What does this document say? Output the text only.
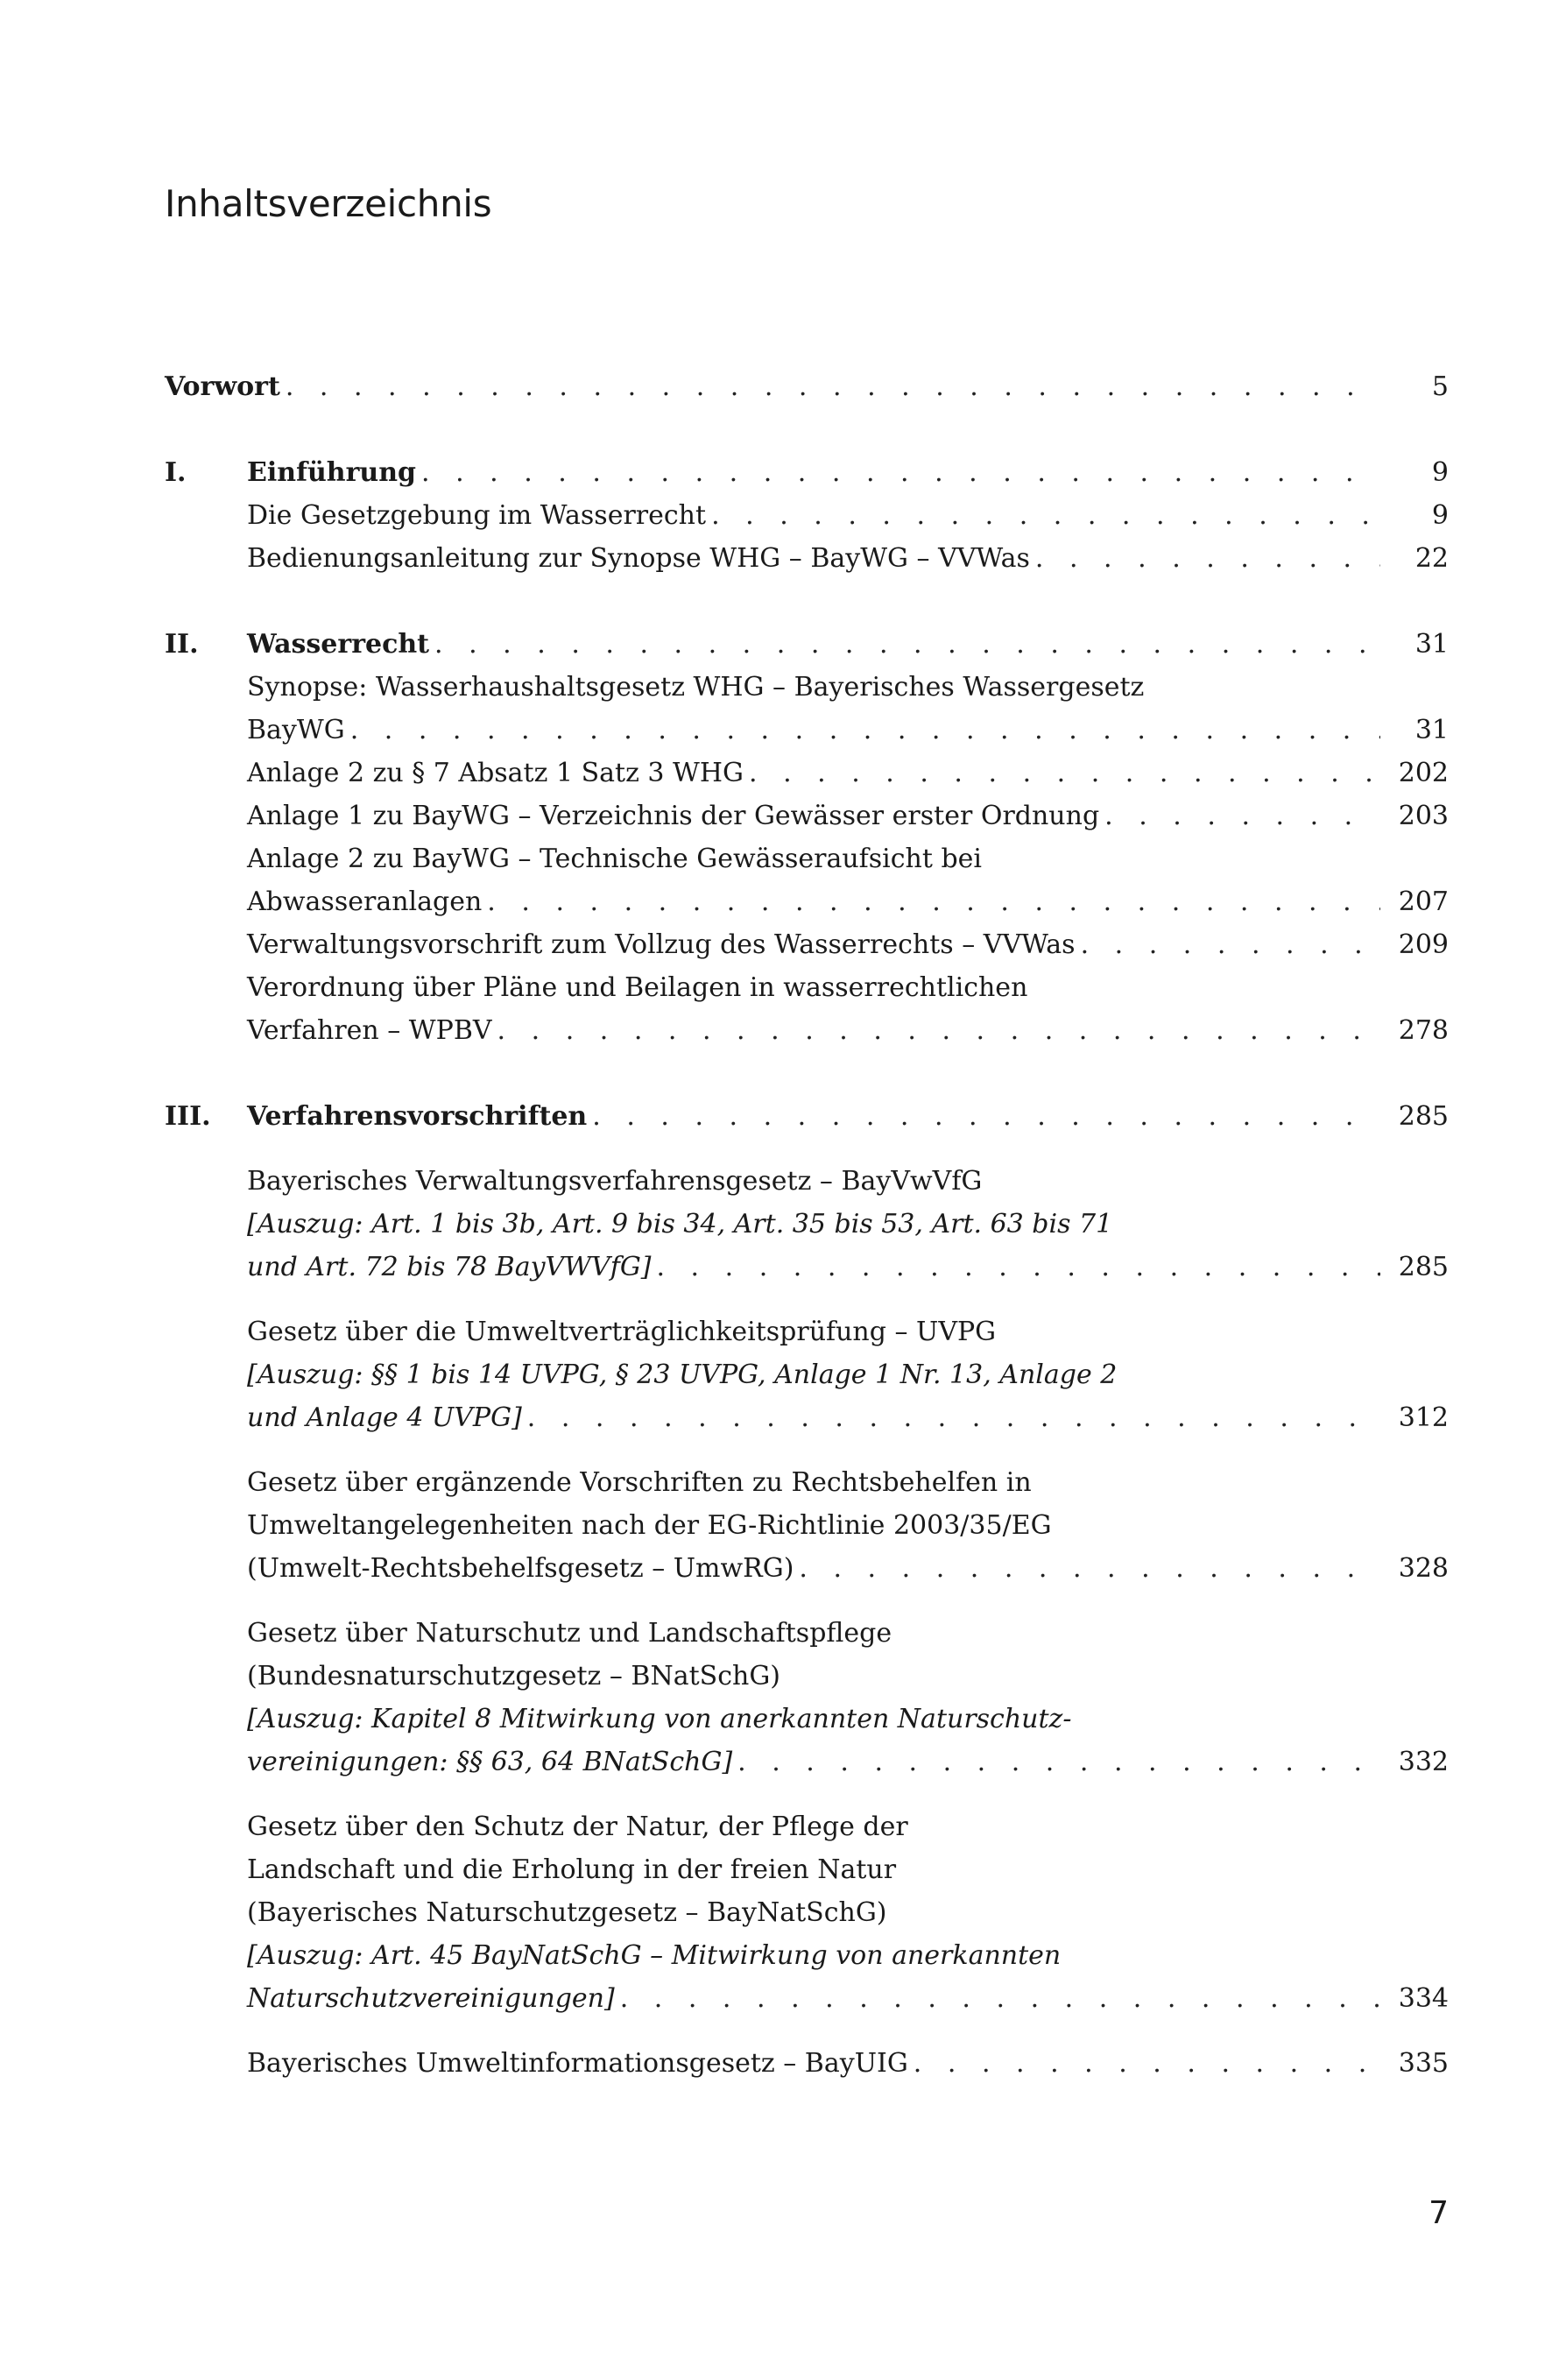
Inhaltsverzeichnis
Vorwort . . .	5
I.	Einführung . . .	9
Die Gesetzgebung im Wasserrecht . . .	9
Bedienungsanleitung zur Synopse WHG – BayWG – VVWas . . .	22
II.	Wasserrecht . . .	31
Synopse: Wasserhaushaltsgesetz WHG – Bayerisches Wassergesetz
BayWG . . .	31
Anlage 2 zu § 7 Absatz 1 Satz 3 WHG . . .	202
Anlage 1 zu BayWG – Verzeichnis der Gewässer erster Ordnung . . .	203
Anlage 2 zu BayWG – Technische Gewässeraufsicht bei
Abwasseranlagen . . .	207
Verwaltungsvorschrift zum Vollzug des Wasserrechts – VVWas . . .	209
Verordnung über Pläne und Beilagen in wasserrechtlichen
Verfahren – WPBV . . .	278
III.	Verfahrensvorschriften . . .	285
Bayerisches Verwaltungsverfahrensgesetz – BayVwVfG
[Auszug: Art. 1 bis 3b, Art. 9 bis 34, Art. 35 bis 53, Art. 63 bis 71
und Art. 72 bis 78 BayVWVfG] . . .	285
Gesetz über die Umweltverträglichkeitsprüfung – UVPG
[Auszug: §§ 1 bis 14 UVPG, § 23 UVPG, Anlage 1 Nr. 13, Anlage 2
und Anlage 4 UVPG] . . .	312
Gesetz über ergänzende Vorschriften zu Rechtsbehelfen in
Umweltangelegenheiten nach der EG-Richtlinie 2003/35/EG
(Umwelt-Rechtsbehelfsgesetz – UmwRG) . . .	328
Gesetz über Naturschutz und Landschaftspflege
(Bundesnaturschutzgesetz – BNatSchG)
[Auszug: Kapitel 8 Mitwirkung von anerkannten Naturschutz-
vereinigungen: §§ 63, 64 BNatSchG] . . .	332
Gesetz über den Schutz der Natur, der Pflege der
Landschaft und die Erholung in der freien Natur
(Bayerisches Naturschutzgesetz – BayNatSchG)
[Auszug: Art. 45 BayNatSchG – Mitwirkung von anerkannten
Naturschutzvereinigungen] . . .	334
Bayerisches Umweltinformationsgesetz – BayUIG . . .	335
7
